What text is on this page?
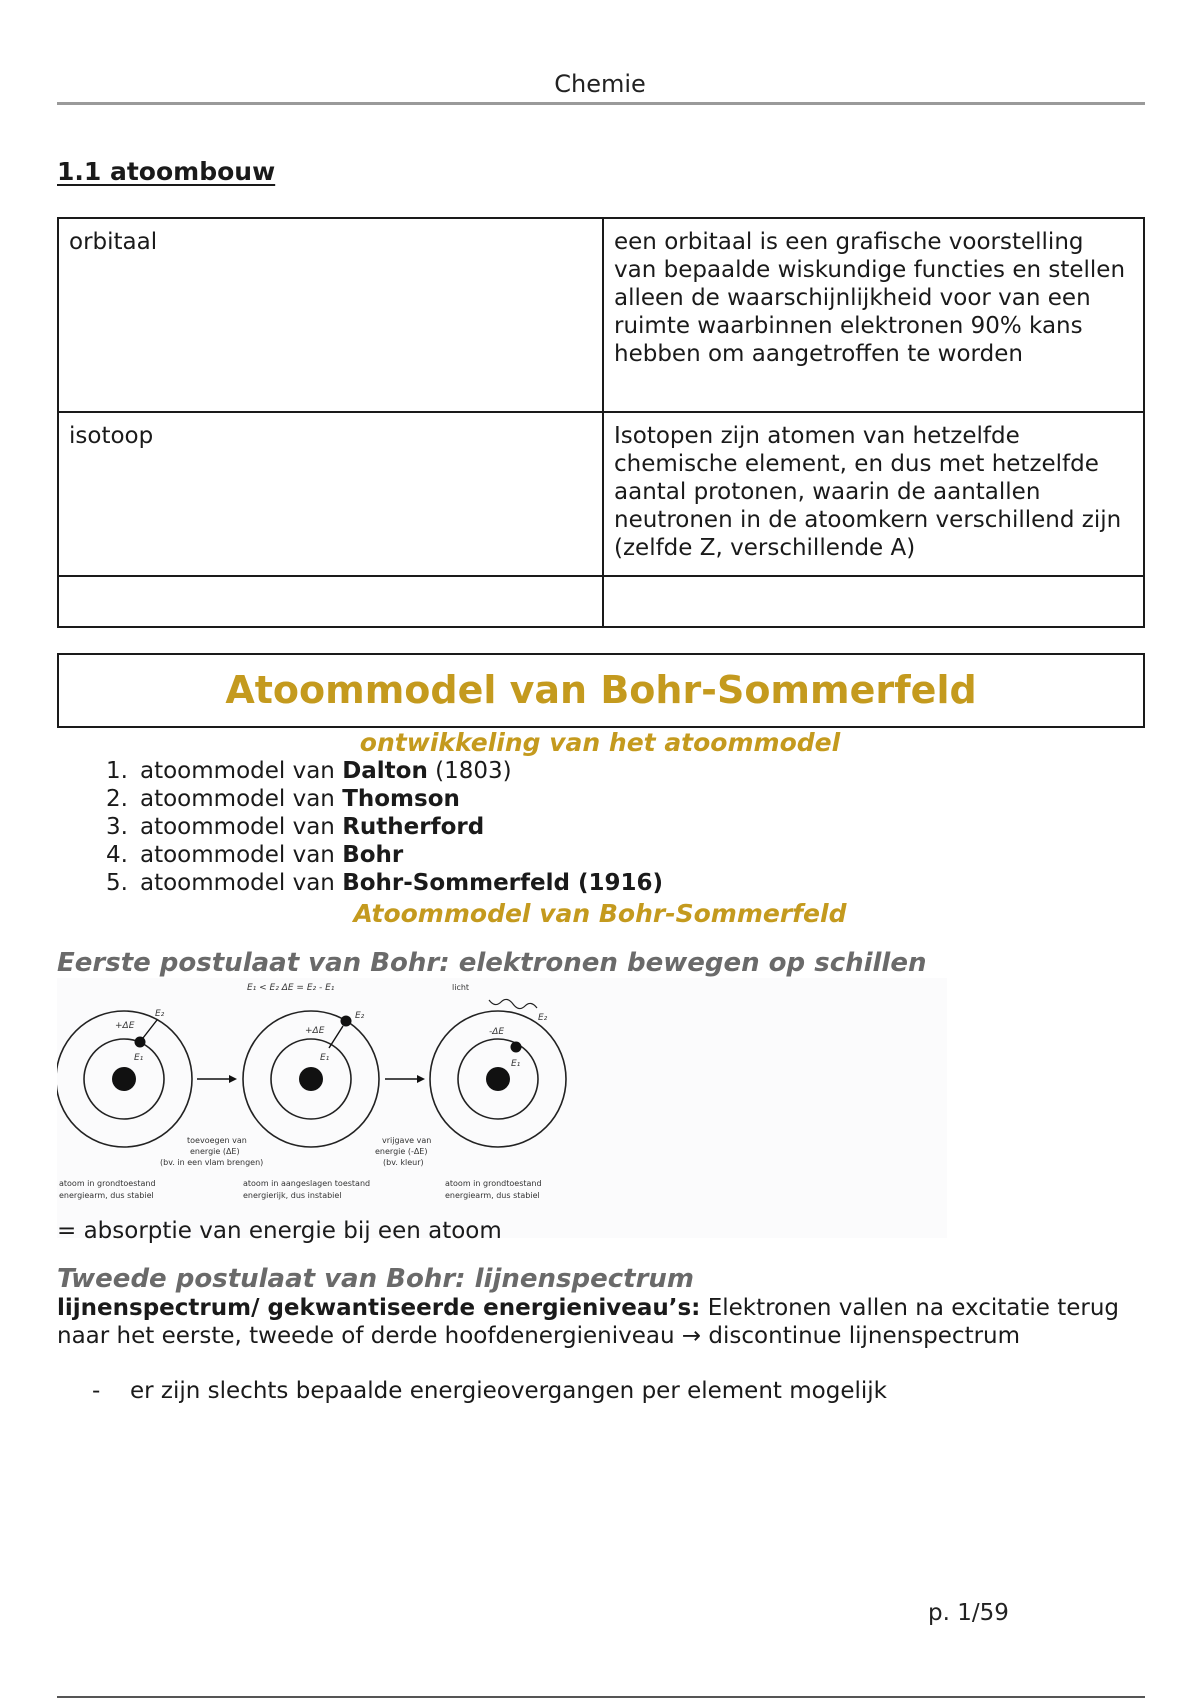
Chemie
1.1 atoombouw
orbitaal	een orbitaal is een grafische voorstelling van bepaalde wiskundige functies en stellen alleen de waarschijnlijkheid voor van een ruimte waarbinnen elektronen 90% kans hebben om aangetroffen te worden
isotoop	Isotopen zijn atomen van hetzelfde chemische element, en dus met hetzelfde aantal protonen, waarin de aantallen neutronen in de atoomkern verschillend zijn (zelfde Z, verschillende A)

Atoommodel van Bohr-Sommerfeld
ontwikkeling van het atoommodel
1. atoommodel van Dalton (1803)
2. atoommodel van Thomson
3. atoommodel van Rutherford
4. atoommodel van Bohr
5. atoommodel van Bohr-Sommerfeld (1916)
Atoommodel van Bohr-Sommerfeld
Eerste postulaat van Bohr: elektronen bewegen op schillen
E₁ < E₂ ΔE = E₂ - E₁	licht
+ΔE
E₁
E₂
toevoegen van
energie (ΔE)
(bv. in een vlam brengen)
+ΔE
E₁
E₂
vrijgave van
energie (-ΔE)
(bv. kleur)
-ΔE
E₁
E₂
atoom in grondtoestand
energiearm, dus stabiel
atoom in aangeslagen toestand
energierijk, dus instabiel
atoom in grondtoestand
energiearm, dus stabiel
= absorptie van energie bij een atoom
Tweede postulaat van Bohr: lijnenspectrum
lijnenspectrum/ gekwantiseerde energieniveau’s: Elektronen vallen na excitatie terug naar het eerste, tweede of derde hoofdenergieniveau → discontinue lijnenspectrum
-	er zijn slechts bepaalde energieovergangen per element mogelijk
p. 1/59
